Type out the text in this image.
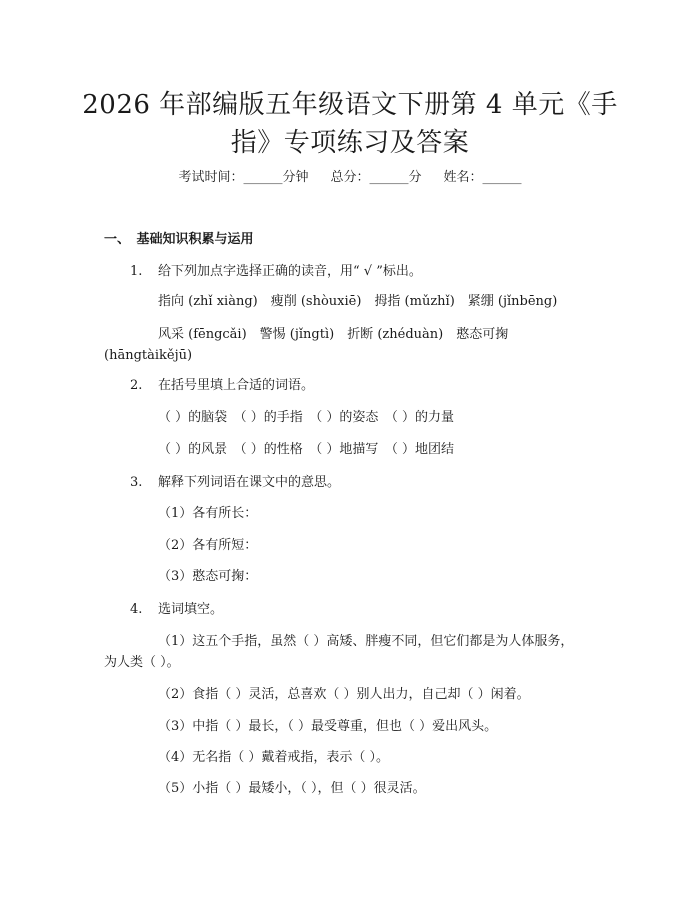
2026 年部编版五年级语文下册第 4 单元《手
指》专项练习及答案
考试时间：______分钟 总分：______分 姓名：______
一、　基础知识积累与运用
1. 给下列加点字选择正确的读音，用“ √ ”标出。
指向 (zhǐ xiàng)　瘦削 (shòuxiē)　拇指 (mǔzhǐ)　紧绷 (jǐnbēng)
风采 (fēngcǎi)　警惕 (jǐngtì)　折断 (zhéduàn)　憨态可掬
(hāngtàikějū)
2. 在括号里填上合适的词语。
（ ）的脑袋　（ ）的手指　（ ）的姿态　（ ）的力量
（ ）的风景　（ ）的性格　（ ）地描写　（ ）地团结
3. 解释下列词语在课文中的意思。
（1）各有所长：
（2）各有所短：
（3）憨态可掬：
4. 选词填空。
（1）这五个手指，虽然（ ）高矮、胖瘦不同，但它们都是为人体服务，
为人类（ ）。
（2）食指（ ）灵活，总喜欢（ ）别人出力，自己却（ ）闲着。
（3）中指（ ）最长，（ ）最受尊重，但也（ ）爱出风头。
（4）无名指（ ）戴着戒指，表示（ ）。
（5）小指（ ）最矮小，（ ），但（ ）很灵活。
